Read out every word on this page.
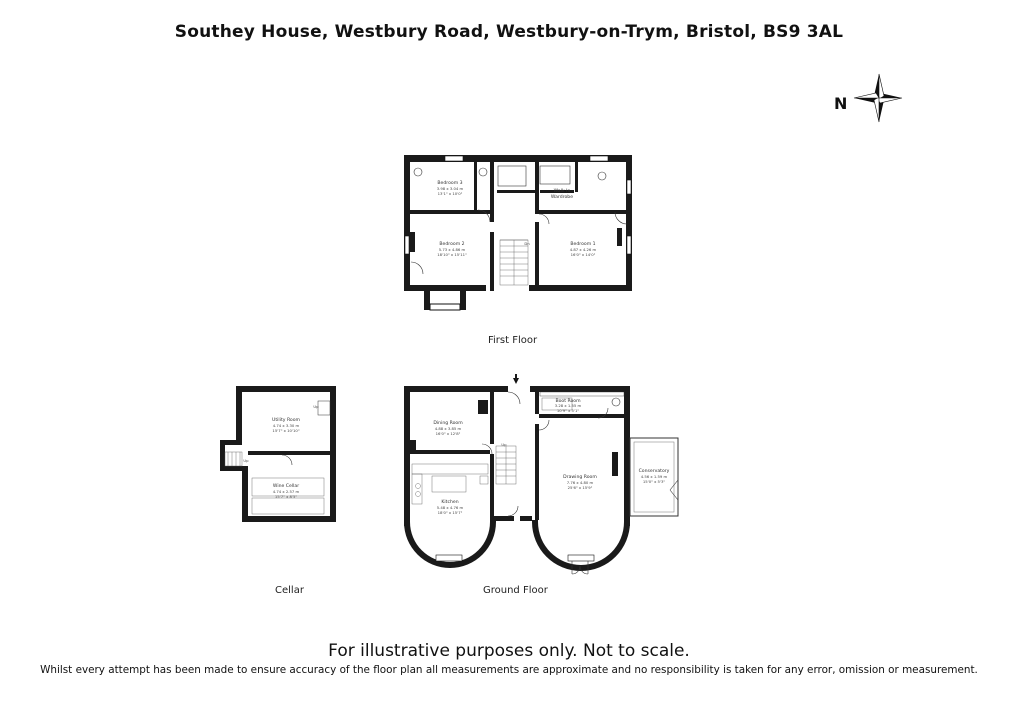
Southey House, Westbury Road, Westbury-on-Trym, Bristol, BS9 3AL
N
Bedroom 3
3.98 x 3.04 m
13'1" x 10'0"	Walk In
Wardrobe
Bedroom 2
5.73 x 4.86 m
18'10" x 15'11"
Bedroom 1
4.87 x 4.26 m
16'0" x 14'0"
Dn
Utility Room
4.74 x 3.30 m
15'7" x 10'10"
Wine Cellar
4.74 x 2.57 m
15'7" x 8'5"
Up
Up
Dining Room
4.88 x 3.85 m
16'0" x 12'8"
Boot Room
3.28 x 1.55 m
10'9" x 5'1"
Kitchen
5.48 x 4.76 m
18'0" x 15'7"
Drawing Room
7.76 x 4.80 m
25'6" x 15'9"
Conservatory
4.56 x 1.59 m
15'0" x 5'3"
Up
First Floor
Ground Floor
Cellar
For illustrative purposes only. Not to scale.
Whilst every attempt has been made to ensure accuracy of the floor plan all measurements are approximate and no responsibility is taken for any error, omission or measurement.
